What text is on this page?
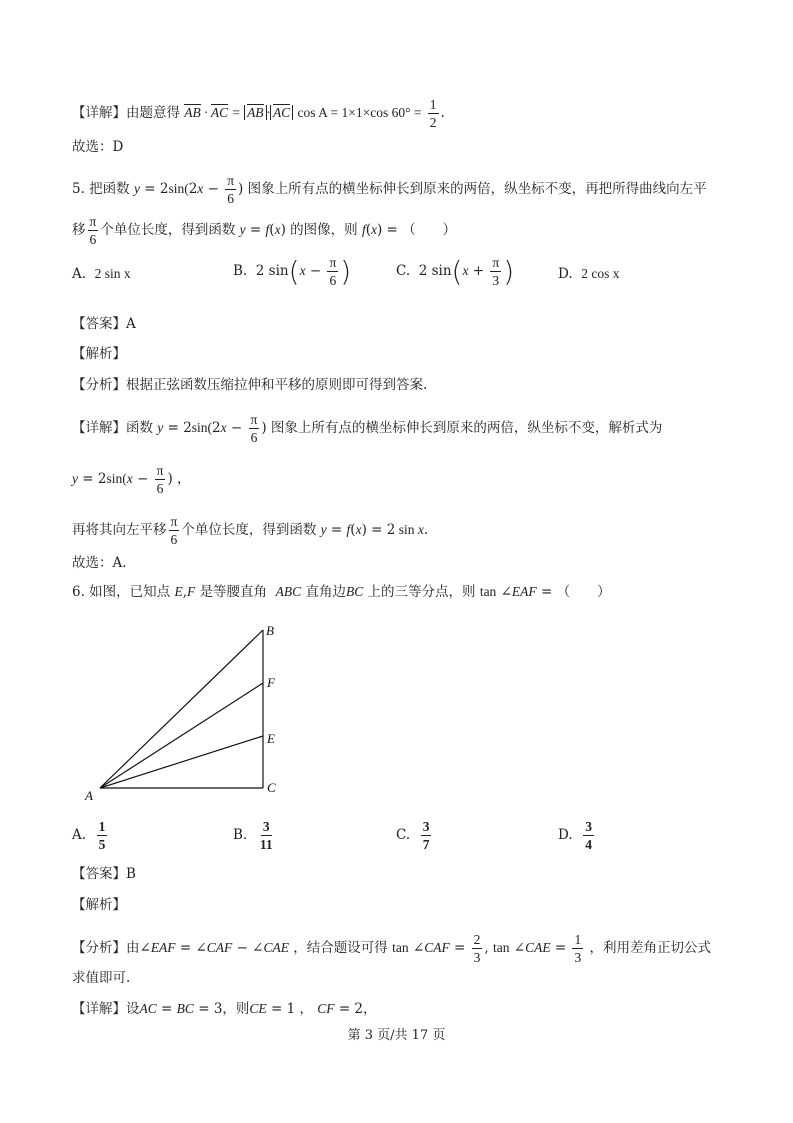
【详解】由题意得 AB · AC = AB · AC cos A = 1×1×cos $60^\circ = \frac{1}{2}$ .
故选：D
5. 把函数 $y = 2\sin(2x - \frac{\pi}{6}$ ) 图象上所有点的横坐标伸长到原来的两倍，纵坐标不变，再把所得曲线向左平
移 $\frac{\pi}{6}$ 个单位长度，得到函数 y = f(x) 的图像，则 f(x) = （　　）
A. 2 sin x	B.  2 $\sin(x - \frac{\pi}{6}$ )	C.  2 $\sin(x + \frac{\pi}{3}$ )	D. 2 cos x
【答案】A
【解析】
【分析】根据正弦函数压缩拉伸和平移的原则即可得到答案.
【详解】函数 $y = 2\sin(2x - \frac{\pi}{6}$ ) 图象上所有点的横坐标伸长到原来的两倍，纵坐标不变，解析式为
$y = 2\sin(x - \frac{\pi}{6}$ ) ，
再将其向左平移 $\frac{\pi}{6}$ 个单位长度，得到函数 y = f(x) = 2 sin x.
故选：A.
6. 如图，已知点 E,F 是等腰直角 ABC 直角边BC 上的三等分点，则 tan ∠EAF = （　　）
B
F
E
C
A
A. $\frac{1}{5}$	B. $\frac{3}{11}$	C. $\frac{3}{7}$	D. $\frac{3}{4}$
【答案】B
【解析】
【分析】由∠EAF = ∠CAF − ∠CAE ，结合题设可得 tan ∠CAF = $\frac{2}{3}$ , tan ∠CAE = $\frac{1}{3}$ ，利用差角正切公式
求值即可.
【详解】设AC = BC = 3，则CE = 1 ， CF = 2，
第 3 页/共 17 页
